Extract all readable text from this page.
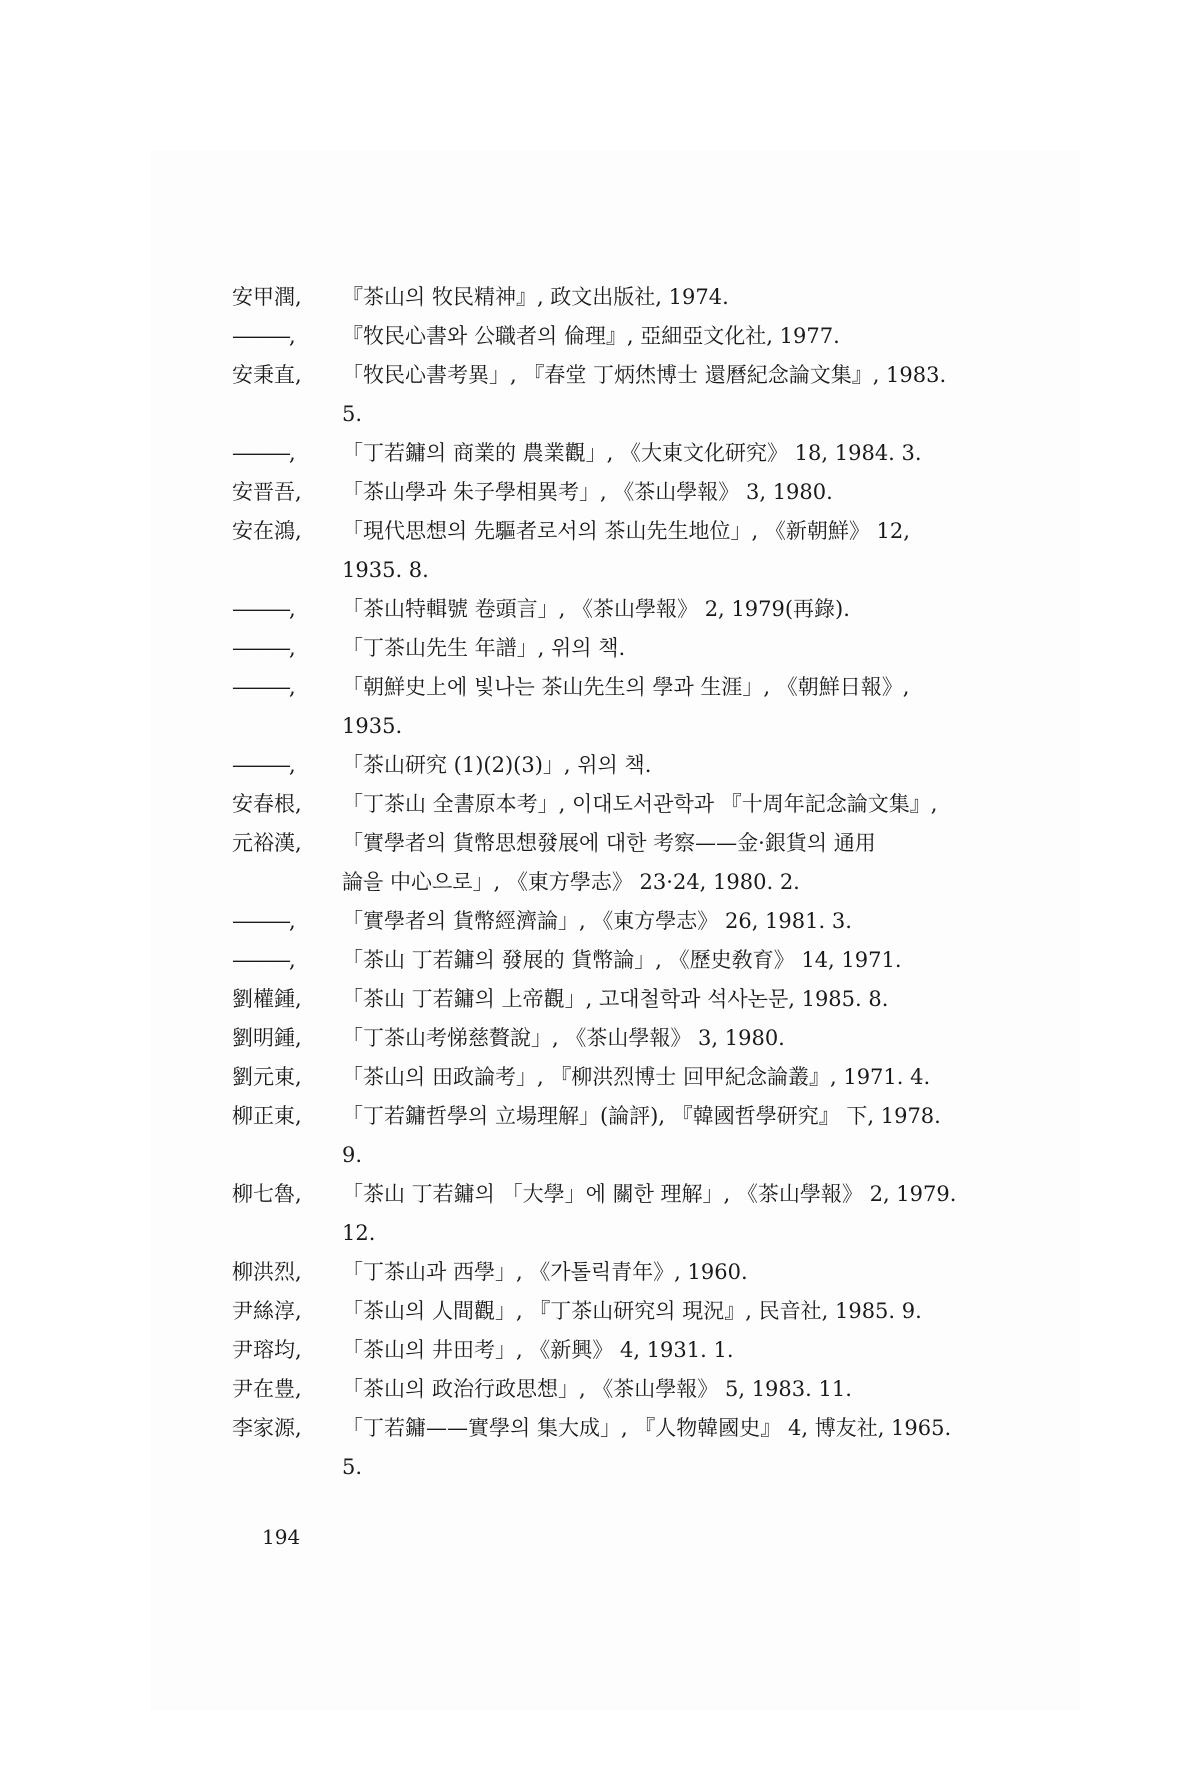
安甲潤,	『茶山의 牧民精神』, 政文出版社, 1974.
———,	『牧民心書와 公職者의 倫理』, 亞細亞文化社, 1977.
安秉直,	「牧民心書考異」, 『春堂 丁炳烋博士 還曆紀念論文集』, 1983.
5.
———,	「丁若鏞의 商業的 農業觀」, 《大東文化研究》 18, 1984. 3.
安晋吾,	「茶山學과 朱子學相異考」, 《茶山學報》 3, 1980.
安在鴻,	「現代思想의 先驅者로서의 茶山先生地位」, 《新朝鮮》 12,
1935. 8.
———,	「茶山特輯號 卷頭言」, 《茶山學報》 2, 1979(再錄).
———,	「丁茶山先生 年譜」, 위의 책.
———,	「朝鮮史上에 빛나는 茶山先生의 學과 生涯」, 《朝鮮日報》,
1935.
———,	「茶山研究 (1)(2)(3)」, 위의 책.
安春根,	「丁茶山 全書原本考」, 이대도서관학과 『十周年記念論文集』,
元裕漢,	「實學者의 貨幣思想發展에 대한 考察——金·銀貨의 通用
論을 中心으로」, 《東方學志》 23·24, 1980. 2.
———,	「實學者의 貨幣經濟論」, 《東方學志》 26, 1981. 3.
———,	「茶山 丁若鏞의 發展的 貨幣論」, 《歷史敎育》 14, 1971.
劉權鍾,	「茶山 丁若鏞의 上帝觀」, 고대철학과 석사논문, 1985. 8.
劉明鍾,	「丁茶山考悌慈贅說」, 《茶山學報》 3, 1980.
劉元東,	「茶山의 田政論考」, 『柳洪烈博士 回甲紀念論叢』, 1971. 4.
柳正東,	「丁若鏞哲學의 立場理解」(論評), 『韓國哲學研究』 下, 1978.
9.
柳七魯,	「茶山 丁若鏞의 「大學」에 關한 理解」, 《茶山學報》 2, 1979.
12.
柳洪烈,	「丁茶山과 西學」, 《가톨릭青年》, 1960.
尹絲淳,	「茶山의 人間觀」, 『丁茶山研究의 現況』, 民音社, 1985. 9.
尹瑢均,	「茶山의 井田考」, 《新興》 4, 1931. 1.
尹在豊,	「茶山의 政治行政思想」, 《茶山學報》 5, 1983. 11.
李家源,	「丁若鏞——實學의 集大成」, 『人物韓國史』 4, 博友社, 1965.
5.
194
